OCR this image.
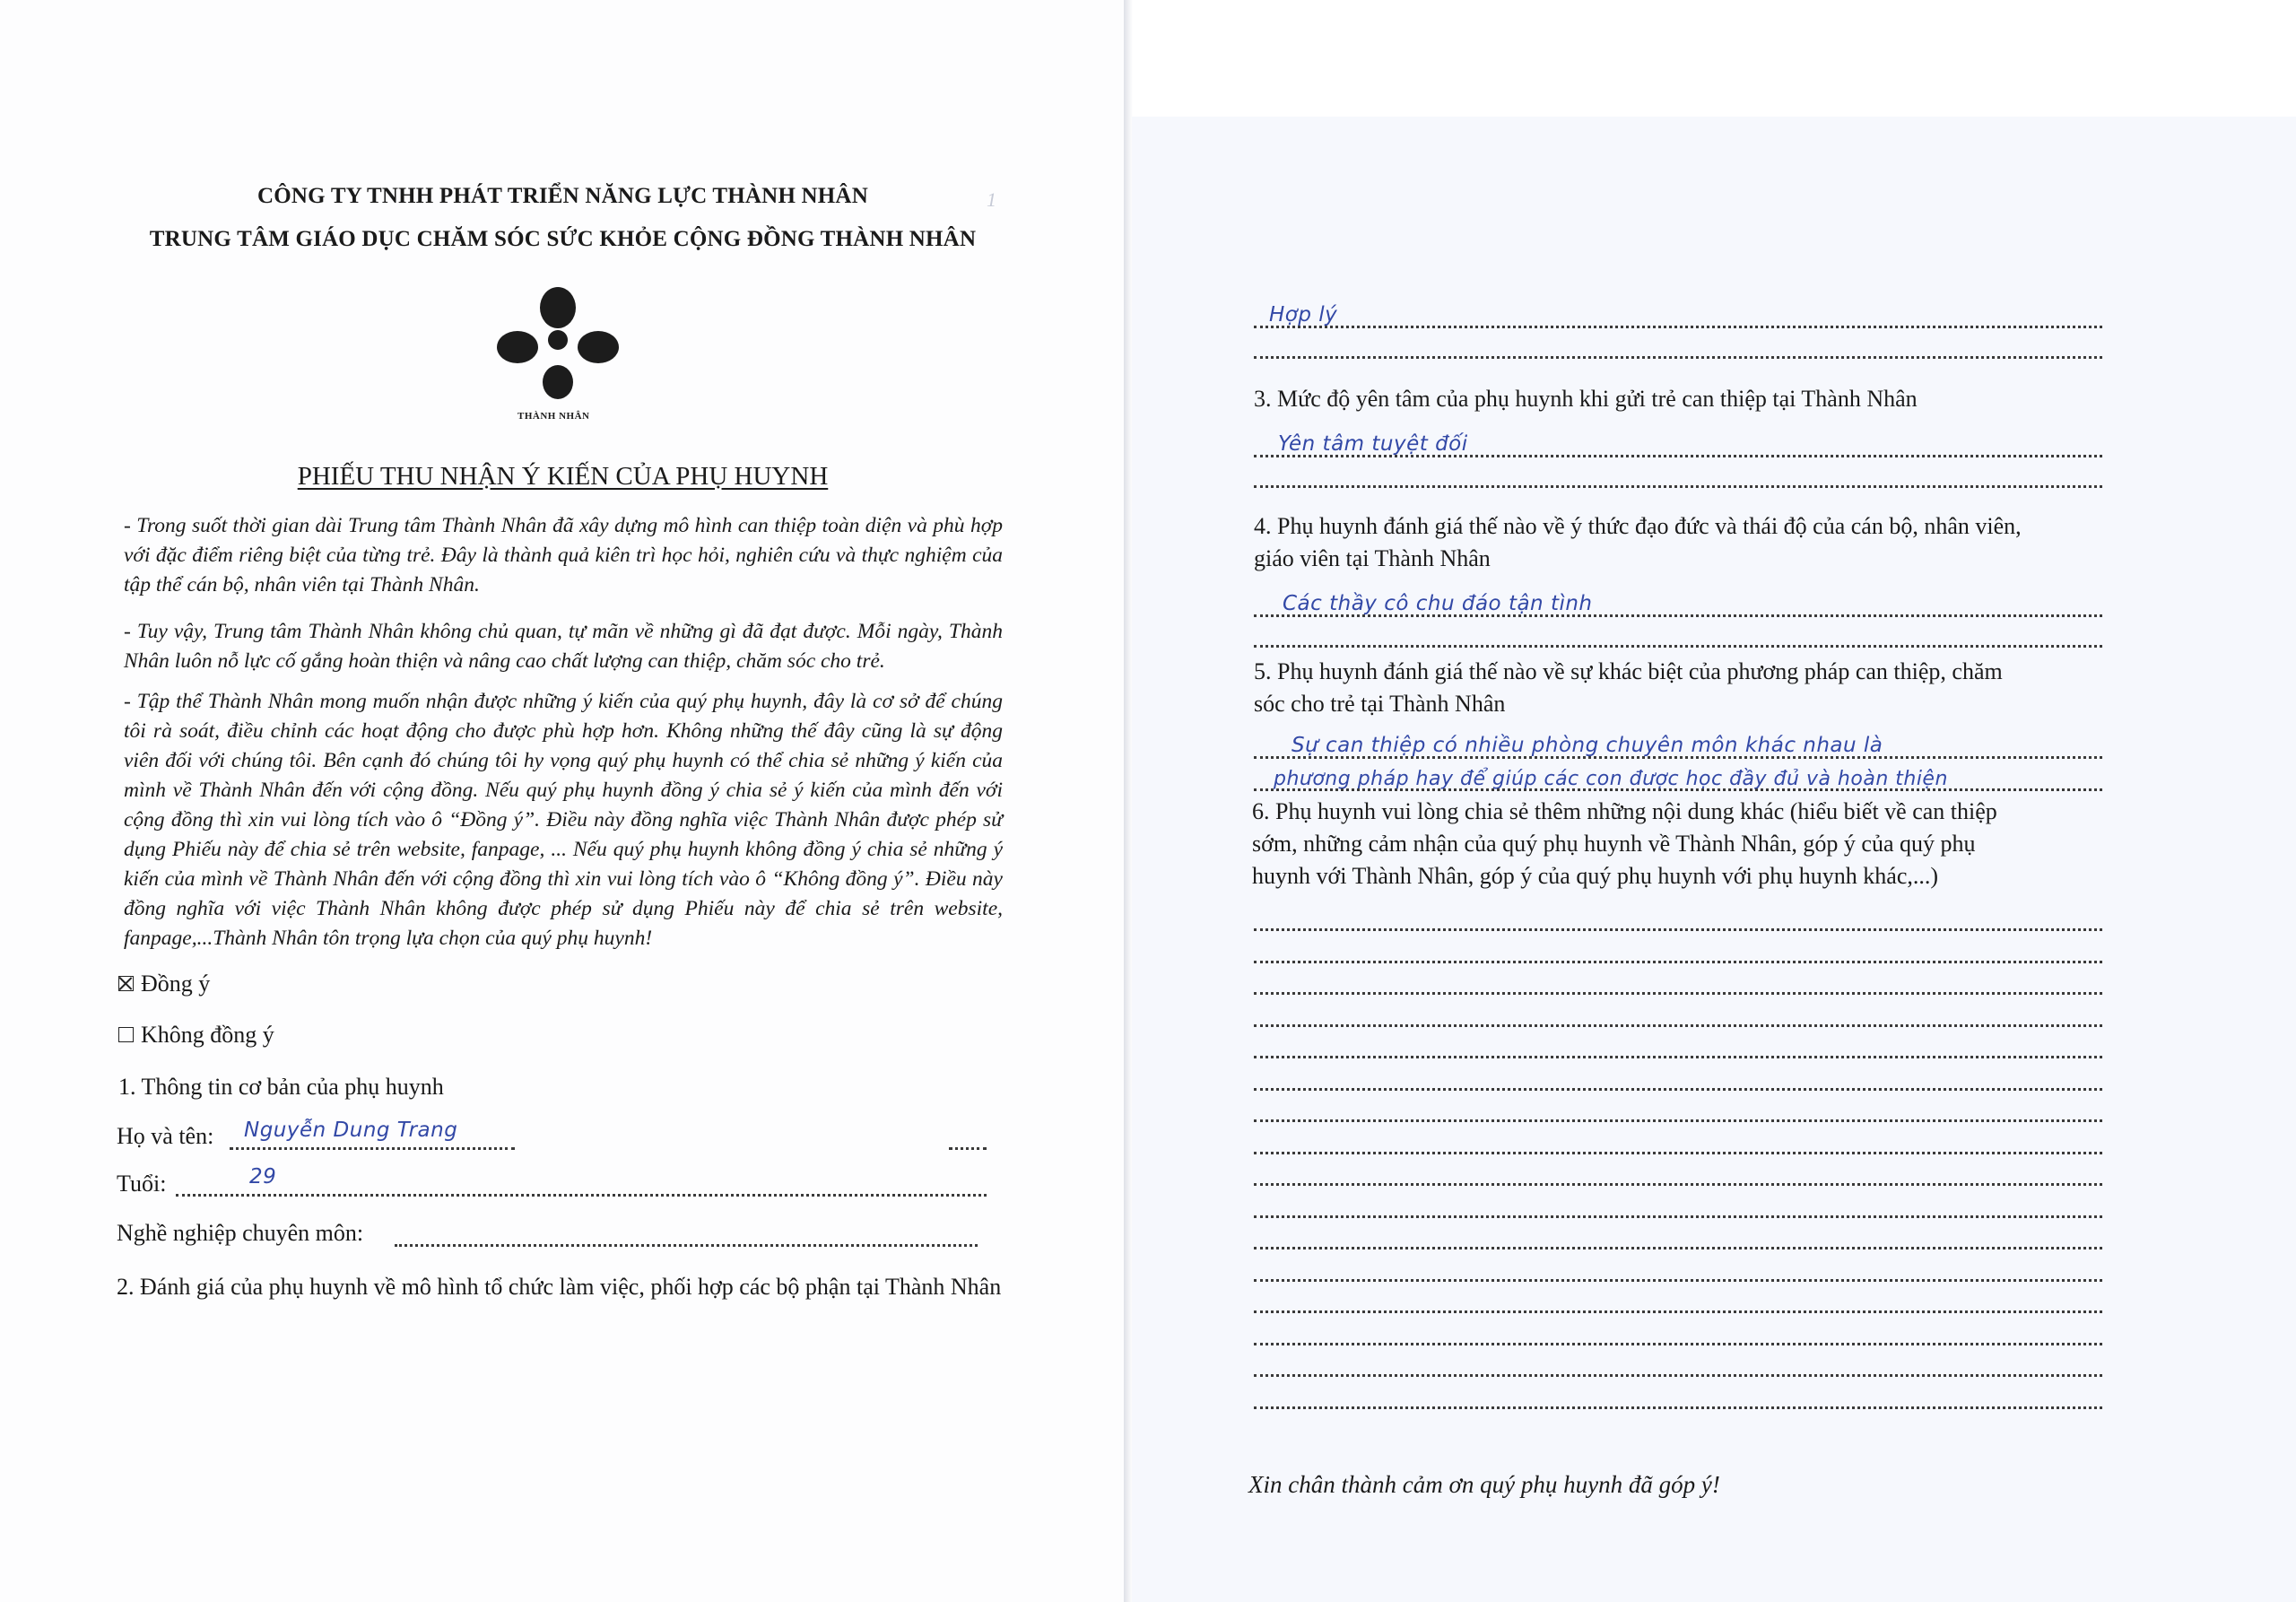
CÔNG TY TNHH PHÁT TRIỂN NĂNG LỰC THÀNH NHÂN
TRUNG TÂM GIÁO DỤC CHĂM SÓC SỨC KHỎE CỘNG ĐỒNG THÀNH NHÂN
THÀNH NHÂN
PHIẾU THU NHẬN Ý KIẾN CỦA PHỤ HUYNH
- Trong suốt thời gian dài Trung tâm Thành Nhân đã xây dựng mô hình can thiệp toàn diện và phù hợp với đặc điểm riêng biệt của từng trẻ. Đây là thành quả kiên trì học hỏi, nghiên cứu và thực nghiệm của tập thể cán bộ, nhân viên tại Thành Nhân.
- Tuy vậy, Trung tâm Thành Nhân không chủ quan, tự mãn về những gì đã đạt được. Mỗi ngày, Thành Nhân luôn nỗ lực cố gắng hoàn thiện và nâng cao chất lượng can thiệp, chăm sóc cho trẻ.
- Tập thể Thành Nhân mong muốn nhận được những ý kiến của quý phụ huynh, đây là cơ sở để chúng tôi rà soát, điều chỉnh các hoạt động cho được phù hợp hơn. Không những thế đây cũng là sự động viên đối với chúng tôi. Bên cạnh đó chúng tôi hy vọng quý phụ huynh có thể chia sẻ những ý kiến của mình về Thành Nhân đến với cộng đồng. Nếu quý phụ huynh đồng ý chia sẻ ý kiến của mình đến với cộng đồng thì xin vui lòng tích vào ô “Đồng ý”. Điều này đồng nghĩa việc Thành Nhân được phép sử dụng Phiếu này để chia sẻ trên website, fanpage, ... Nếu quý phụ huynh không đồng ý chia sẻ những ý kiến của mình về Thành Nhân đến với cộng đồng thì xin vui lòng tích vào ô “Không đồng ý”. Điều này đồng nghĩa với việc Thành Nhân không được phép sử dụng Phiếu này để chia sẻ trên website, fanpage,...Thành Nhân tôn trọng lựa chọn của quý phụ huynh!
Đồng ý
Không đồng ý
1. Thông tin cơ bản của phụ huynh
Họ và tên: Nguyễn Dung Trang
Tuổi:	29
Nghề nghiệp chuyên môn:
2. Đánh giá của phụ huynh về mô hình tổ chức làm việc, phối hợp các bộ phận tại Thành Nhân
1
Hợp lý
3. Mức độ yên tâm của phụ huynh khi gửi trẻ can thiệp tại Thành Nhân
Yên tâm tuyệt đối
4. Phụ huynh đánh giá thế nào về ý thức đạo đức và thái độ của cán bộ, nhân viên,
giáo viên tại Thành Nhân
Các thầy cô chu đáo tận tình
5. Phụ huynh đánh giá thế nào về sự khác biệt của phương pháp can thiệp, chăm
sóc cho trẻ tại Thành Nhân
Sự can thiệp có nhiều phòng chuyên môn khác nhau là
phương pháp hay để giúp các con được học đầy đủ và hoàn thiện
6. Phụ huynh vui lòng chia sẻ thêm những nội dung khác (hiểu biết về can thiệp
sớm, những cảm nhận của quý phụ huynh về Thành Nhân, góp ý của quý phụ
huynh với Thành Nhân, góp ý của quý phụ huynh với phụ huynh khác,...)
Xin chân thành cảm ơn quý phụ huynh đã góp ý!
